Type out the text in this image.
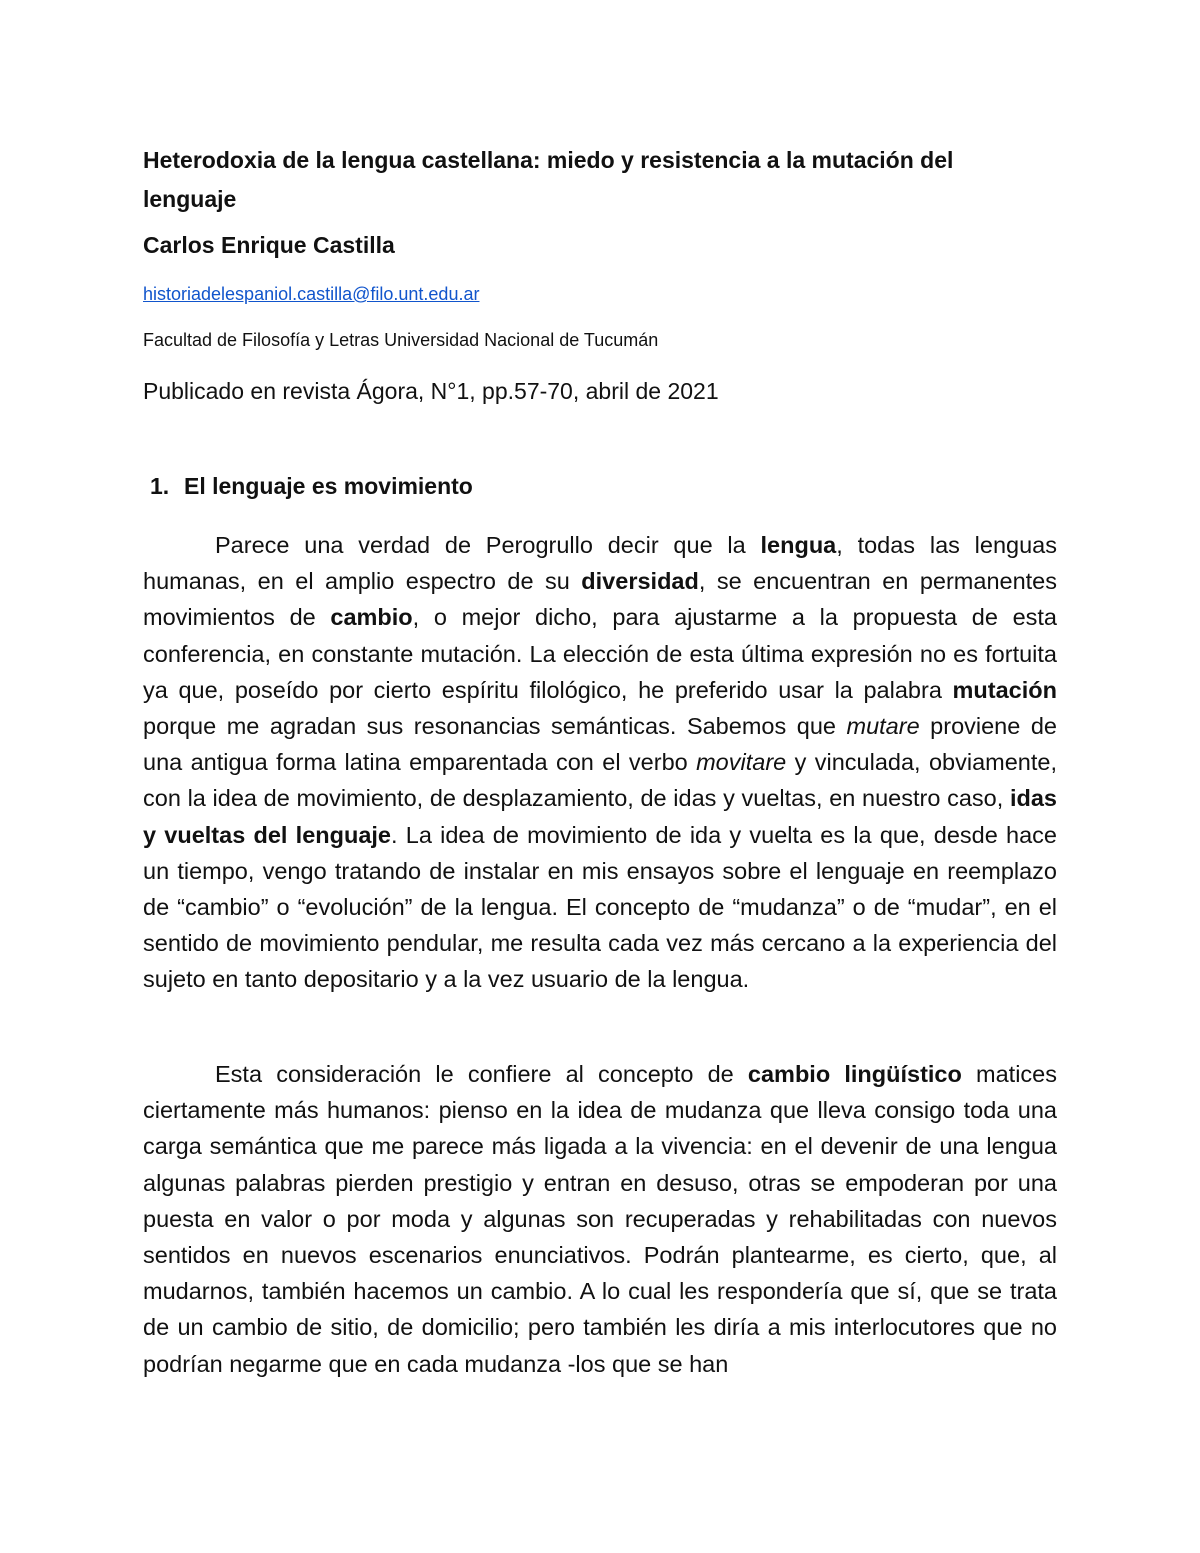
Heterodoxia de la lengua castellana: miedo y resistencia a la mutación del lenguaje

Carlos Enrique Castilla

historiadelespaniol.castilla@filo.unt.edu.ar

Facultad de Filosofía y Letras Universidad Nacional de Tucumán

Publicado en revista Ágora, N°1, pp.57-70, abril de 2021

1. El lenguaje es movimiento

Parece una verdad de Perogrullo decir que la lengua, todas las lenguas humanas, en el amplio espectro de su diversidad, se encuentran en permanentes movimientos de cambio, o mejor dicho, para ajustarme a la propuesta de esta conferencia, en constante mutación. La elección de esta última expresión no es fortuita ya que, poseído por cierto espíritu filológico, he preferido usar la palabra mutación porque me agradan sus resonancias semánticas. Sabemos que mutare proviene de una antigua forma latina emparentada con el verbo movitare y vinculada, obviamente, con la idea de movimiento, de desplazamiento, de idas y vueltas, en nuestro caso, idas y vueltas del lenguaje. La idea de movimiento de ida y vuelta es la que, desde hace un tiempo, vengo tratando de instalar en mis ensayos sobre el lenguaje en reemplazo de “cambio” o “evolución” de la lengua. El concepto de “mudanza” o de “mudar”, en el sentido de movimiento pendular, me resulta cada vez más cercano a la experiencia del sujeto en tanto depositario y a la vez usuario de la lengua.

Esta consideración le confiere al concepto de cambio lingüístico matices ciertamente más humanos: pienso en la idea de mudanza que lleva consigo toda una carga semántica que me parece más ligada a la vivencia: en el devenir de una lengua algunas palabras pierden prestigio y entran en desuso, otras se empoderan por una puesta en valor o por moda y algunas son recuperadas y rehabilitadas con nuevos sentidos en nuevos escenarios enunciativos. Podrán plantearme, es cierto, que, al mudarnos, también hacemos un cambio. A lo cual les respondería que sí, que se trata de un cambio de sitio, de domicilio; pero también les diría a mis interlocutores que no podrían negarme que en cada mudanza -los que se han
